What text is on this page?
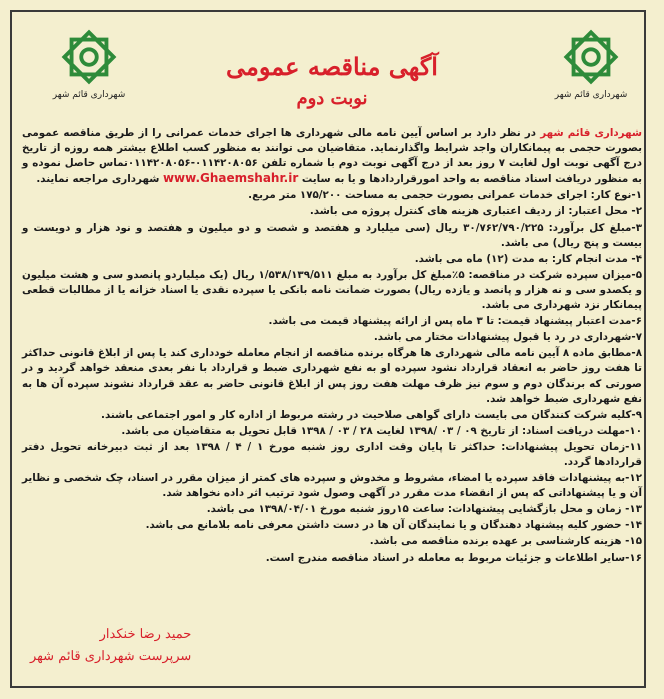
شهرداری قائم شهر
شهرداری قائم شهر
آگهی مناقصه عمومی
نوبت دوم

شهرداری قائم شهر در نظر دارد بر اساس آیین نامه مالی شهرداری ها اجرای خدمات عمرانی را از طریق مناقصه عمومی بصورت حجمی به پیمانکاران واجد شرایط واگذارنماید. متقاضیان می توانند به منظور کسب اطلاع بیشتر همه روزه از تاریخ درج آگهی نوبت اول لغایت ۷ روز بعد از درج آگهی نوبت دوم با شماره تلفن ۰۱۱۴۲۰۸۰۵۶-۰۱۱۴۲۰۸۰۵۶تماس حاصل نموده و به منظور دریافت اسناد مناقصه به واحد امورقراردادها و یا به سایت www.Ghaemshahr.ir شهرداری مراجعه نمایند.

۱-نوع کار: اجرای خدمات عمرانی بصورت حجمی به مساحت ۱۷۵/۲۰۰ متر مربع.

۲- محل اعتبار: از ردیف اعتباری هزینه های کنترل پروژه می باشد.

۳-مبلغ کل برآورد: ۳۰/۷۶۲/۷۹۰/۲۲۵ ریال (سی میلیارد و هفتصد و شصت و دو میلیون و هفتصد و نود هزار و دویست و بیست و پنج ریال) می باشد.

۴- مدت انجام کار: به مدت (۱۲) ماه می باشد.

۵-میزان سپرده شرکت در مناقصه: ۵٪مبلغ کل برآورد به مبلغ ۱/۵۳۸/۱۳۹/۵۱۱ ریال (یک میلیاردو پانصدو سی و هشت میلیون و یکصدو سی و نه هزار و پانصد و یازده ریال) بصورت ضمانت نامه بانکی یا سپرده نقدی یا اسناد خزانه یا از مطالبات قطعی پیمانکار نزد شهرداری می باشد.

۶-مدت اعتبار پیشنهاد قیمت: تا ۳ ماه پس از ارائه پیشنهاد قیمت می باشد.

۷-شهرداری در رد یا قبول پیشنهادات مختار می باشد.

۸-مطابق ماده ۸ آیین نامه مالی شهرداری ها هرگاه برنده مناقصه از انجام معامله خودداری کند یا پس از ابلاغ قانونی حداکثر تا هفت روز حاضر به انعقاد قرارداد نشود سپرده او به نفع شهرداری ضبط و قرارداد با نفر بعدی منعقد خواهد گردید و در صورتی که برندگان دوم و سوم نیز ظرف مهلت هفت روز پس از ابلاغ قانونی حاضر به عقد قرارداد نشوند سپرده آن ها به نفع شهرداری ضبط خواهد شد.

۹-کلیه شرکت کنندگان می بایست دارای گواهی صلاحیت در رشته مربوط از اداره کار و امور اجتماعی باشند.

۱۰-مهلت دریافت اسناد: از تاریخ ۰۹ / ۰۳ /۱۳۹۸ لغایت ۲۸ / ۰۳ / ۱۳۹۸ قابل تحویل به متقاضیان می باشد.

۱۱-زمان تحویل پیشنهادات: حداکثر تا پایان وقت اداری روز شنبه مورخ ۱ / ۴ / ۱۳۹۸ بعد از ثبت دبیرخانه تحویل دفتر قراردادها گردد.

۱۲-به پیشنهادات فاقد سپرده یا امضاء، مشروط و مخدوش و سپرده های کمتر از میزان مقرر در اسناد، چک شخصی و نظایر آن و یا پیشنهاداتی که پس از انقضاء مدت مقرر در آگهی وصول شود ترتیب اثر داده نخواهد شد.

۱۳- زمان و محل بازگشایی پیشنهادات: ساعت ۱۵روز شنبه مورخ ۱۳۹۸/۰۴/۰۱ می باشد.

۱۴- حضور کلیه پیشنهاد دهندگان و یا نمایندگان آن ها در دست داشتن معرفی نامه بلامانع می باشد.

۱۵- هزینه کارشناسی بر عهده برنده مناقصه می باشد.

۱۶-سایر اطلاعات و جزئیات مربوط به معامله در اسناد مناقصه مندرج است.

حمید رضا خنکدار
سرپرست شهرداری قائم شهر
